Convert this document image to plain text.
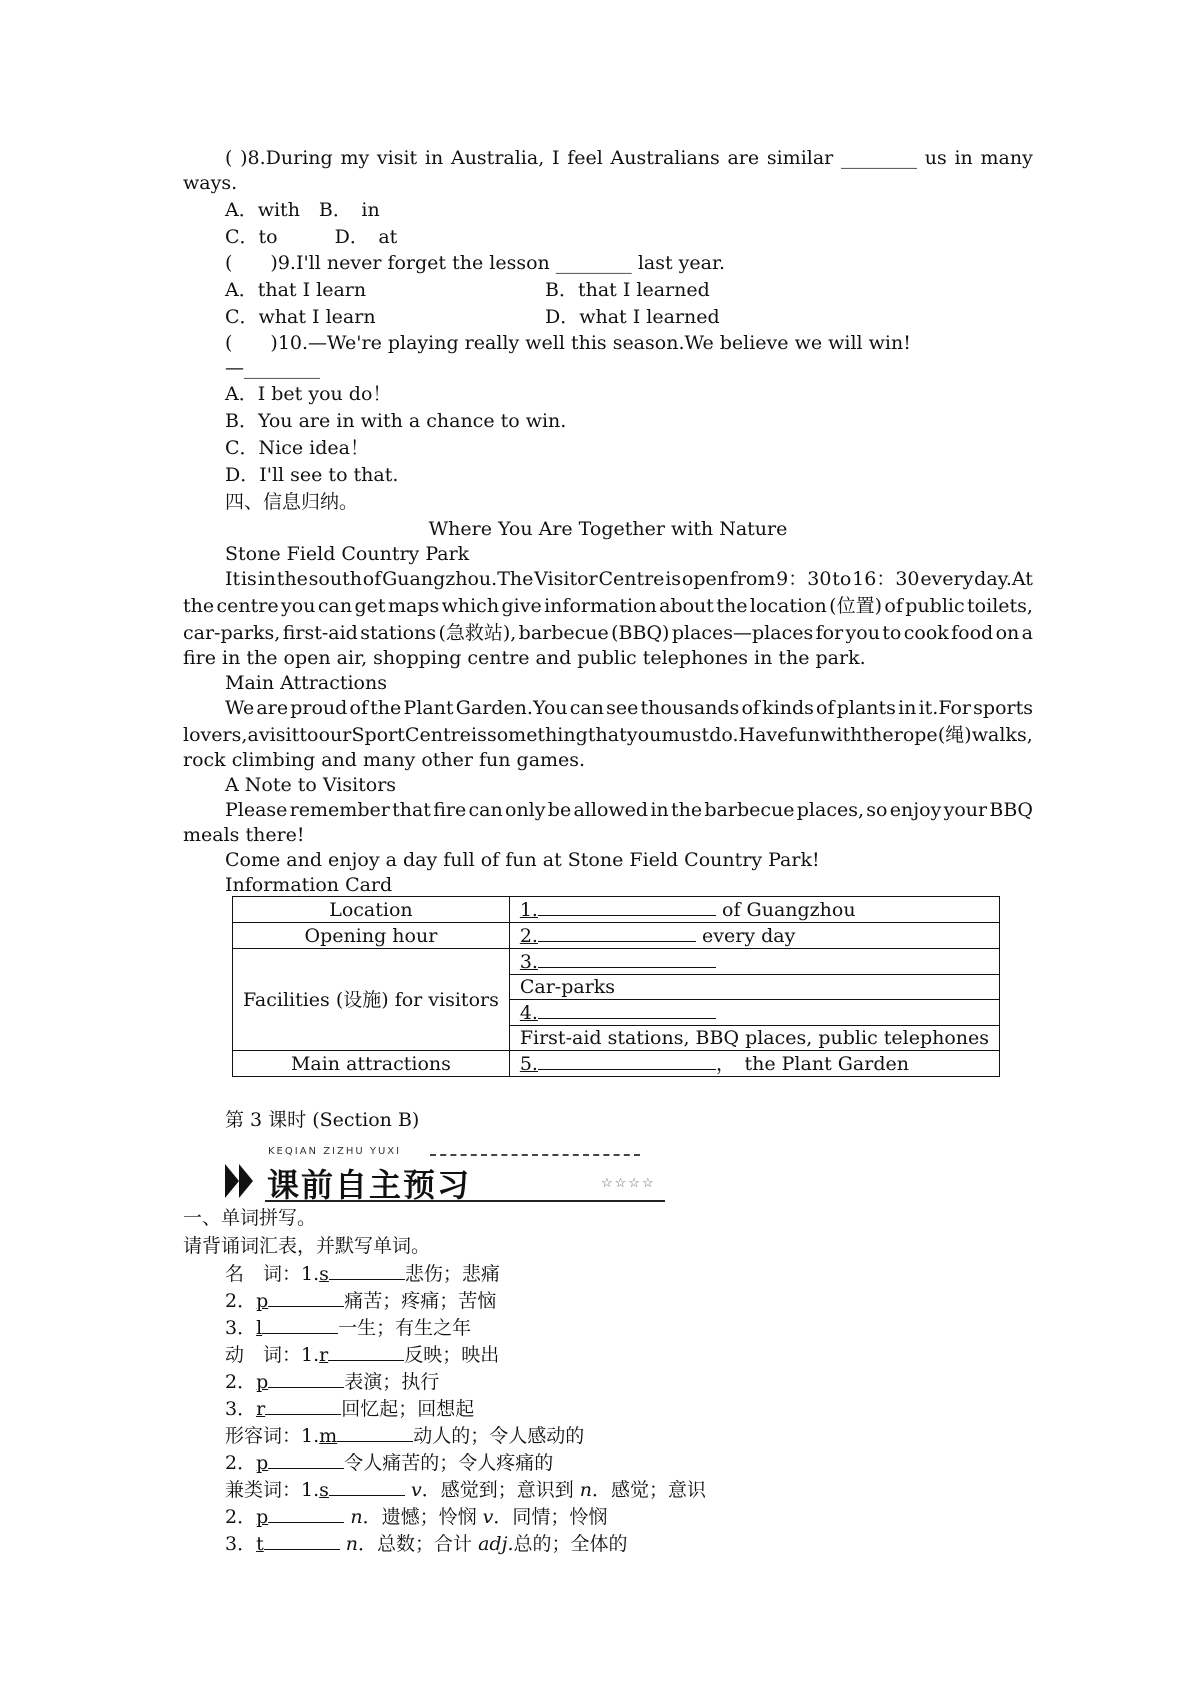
( )8.During my visit in Australia, I feel Australians are similar ________ us in many
ways.
A．with　B．　in
C．to　　　D．　at
(　　)9.I'll never forget the lesson ________ last year.
A．that I learn	B．that I learned
C．what I learn	D．what I learned
(　　)10.—We're playing really well this season.We believe we will win!
—________
A．I bet you do！
B．You are in with a chance to win.
C．Nice idea！
D．I'll see to that.
四、信息归纳。
Where You Are Together with Nature
Stone Field Country Park
It is in the south of Guangzhou.The Visitor Centre is open from 9：30 to 16：30 every day.At
the centre you can get maps which give information about the location (位置) of public toilets,
car-parks, first-aid stations (急救站), barbecue (BBQ) places—places for you to cook food on a
fire in the open air, shopping centre and public telephones in the park.
Main Attractions
We are proud of the Plant Garden.You can see thousands of kinds of plants in it.For sports
lovers, a visit to our Sport Centre is something that you must do.Have fun with the rope (绳) walks,
rock climbing and many other fun games.
A Note to Visitors
Please remember that fire can only be allowed in the barbecue places, so enjoy your BBQ
meals there!
Come and enjoy a day full of fun at Stone Field Country Park!
Information Card
Location	1. of Guangzhou
Opening hour	2. every day
Facilities (设施) for visitors	3.
	Car-parks
	4.
	First-aid stations, BBQ places, public telephones
Main attractions	5. ，　the Plant Garden
第 3 课时 (Section B)
KEQIAN ZIZHU YUXI
课前自主预习	☆☆☆☆
一、单词拼写。
请背诵词汇表，并默写单词。
名　词：1.s	悲伤；悲痛
2．p	痛苦；疼痛；苦恼
3．l	一生；有生之年
动　词：1.r	反映；映出
2．p	表演；执行
3．r	回忆起；回想起
形容词：1.m	动人的；令人感动的
2．p	令人痛苦的；令人疼痛的
兼类词：1.s	v．感觉到；意识到 n．感觉；意识
2．p	n．遗憾；怜悯 v．同情；怜悯
3．t	n．总数；合计 adj.总的；全体的
